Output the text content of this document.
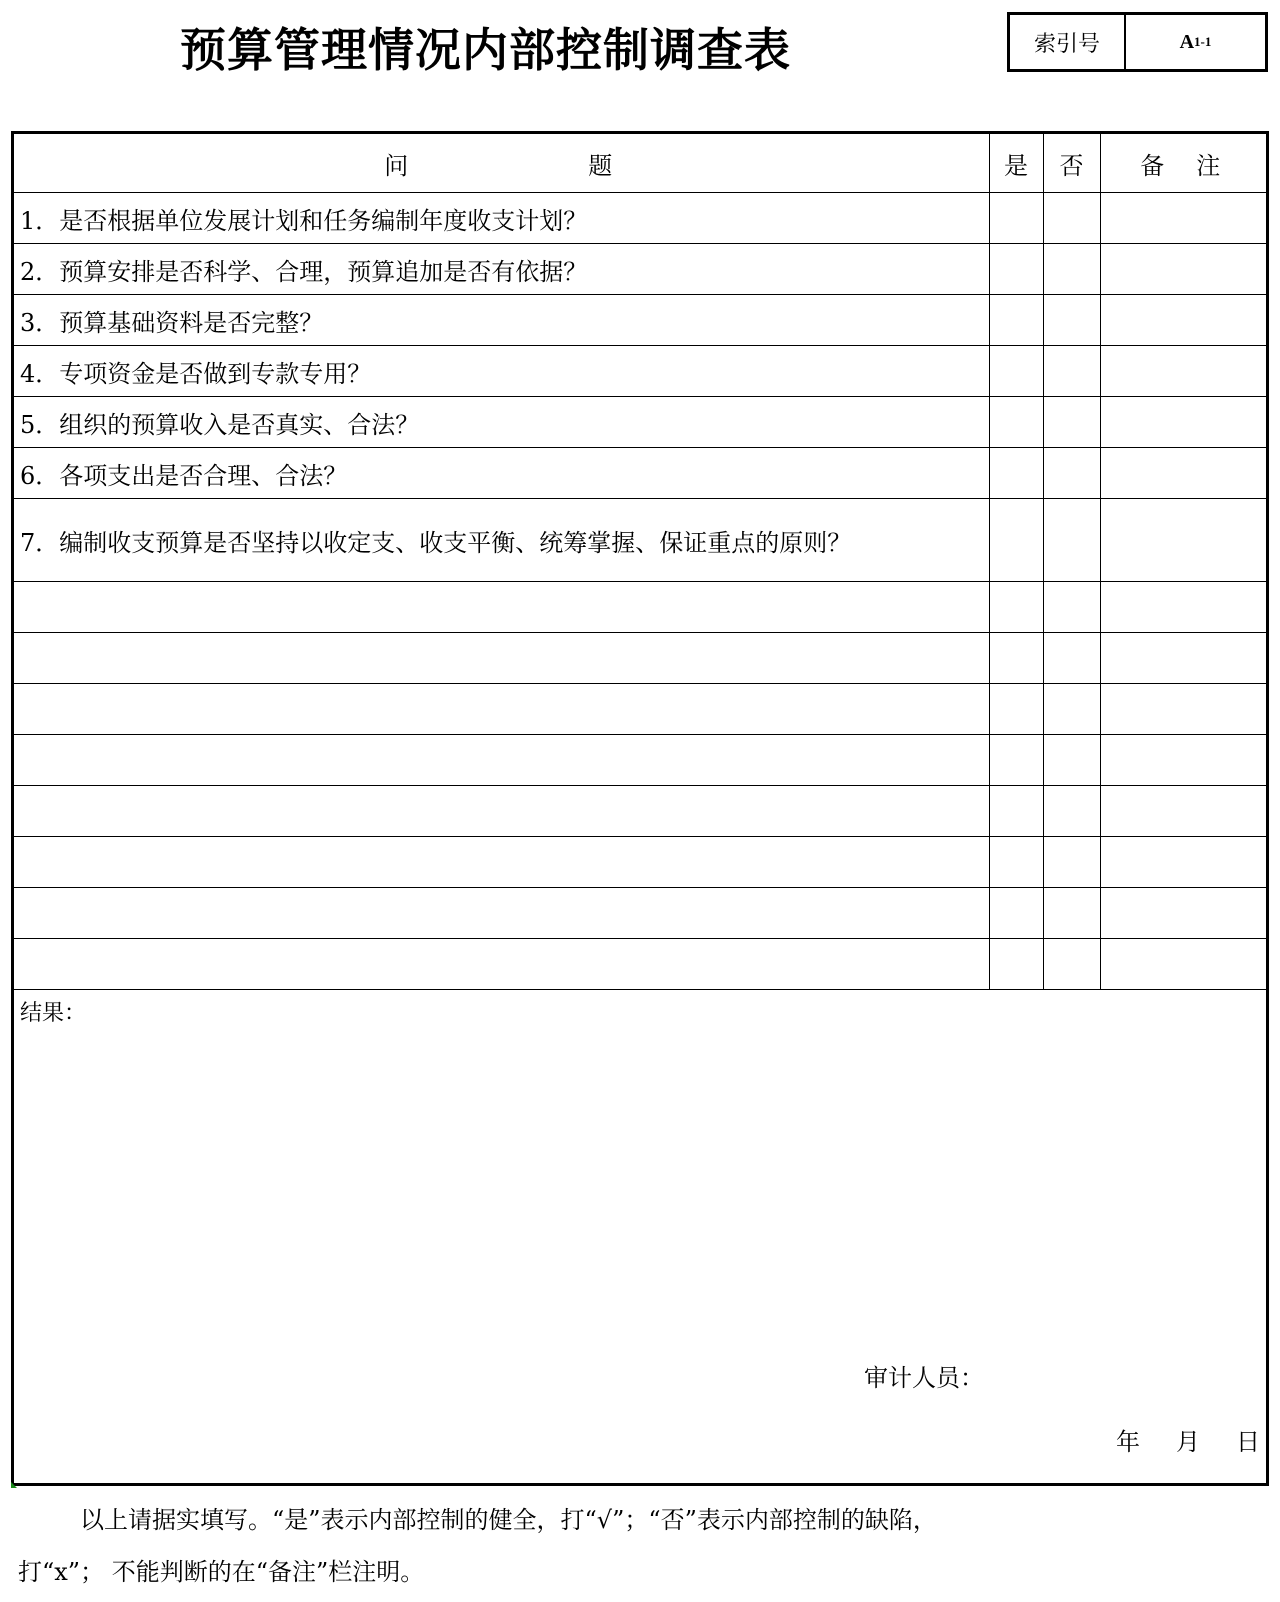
预算管理情况内部控制调查表	索引号	A 1-1
问题	是	否	备注
1．是否根据单位发展计划和任务编制年度收支计划？			
2．预算安排是否科学、合理，预算追加是否有依据？			
3．预算基础资料是否完整？			
4．专项资金是否做到专款专用？			
5．组织的预算收入是否真实、合法？			
6．各项支出是否合理、合法？			
7．编制收支预算是否坚持以收定支、收支平衡、统筹掌握、保证重点的原则？			

结果：
审计人员：
年 月 日
以上请据实填写。“是”表示内部控制的健全，打“√”；“否”表示内部控制的缺陷，
打“x”； 不能判断的在“备注”栏注明。
